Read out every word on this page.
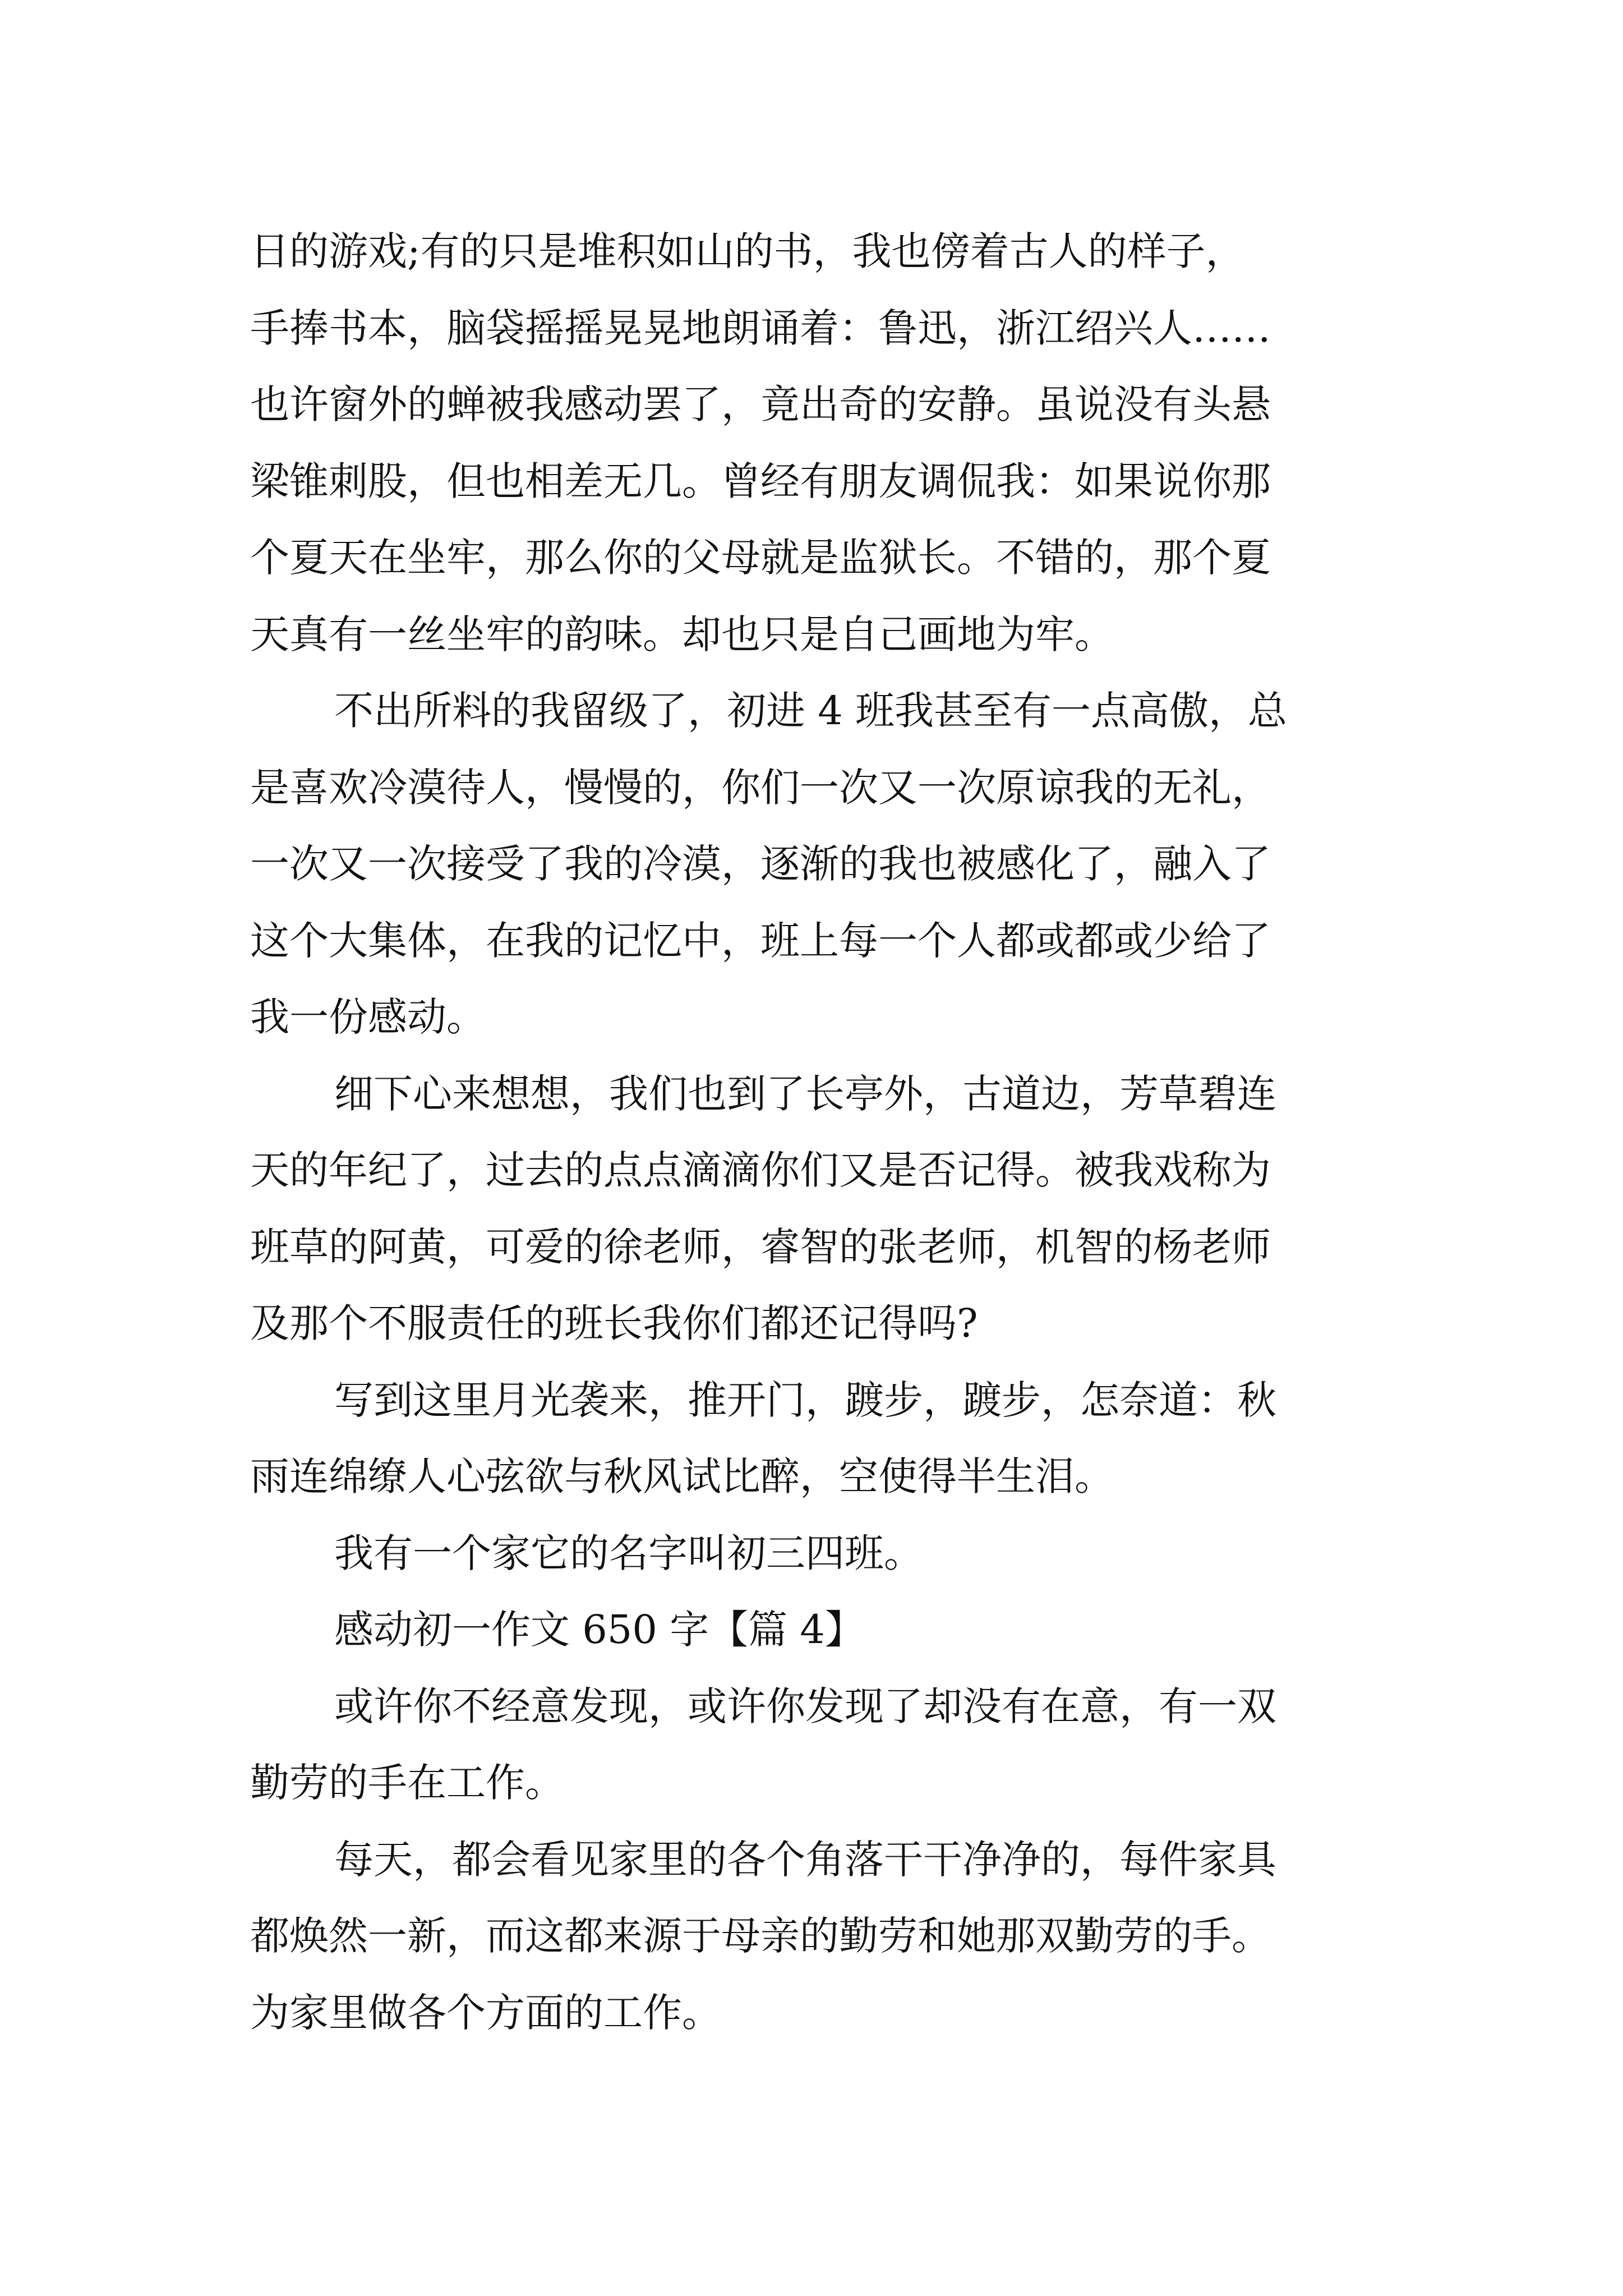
日的游戏;有的只是堆积如山的书，我也傍着古人的样子，
手捧书本，脑袋摇摇晃晃地朗诵着：鲁迅，浙江绍兴人……
也许窗外的蝉被我感动罢了，竟出奇的安静。虽说没有头悬
梁锥刺股，但也相差无几。曾经有朋友调侃我：如果说你那
个夏天在坐牢，那么你的父母就是监狱长。不错的，那个夏
天真有一丝坐牢的韵味。却也只是自己画地为牢。
不出所料的我留级了，初进 4 班我甚至有一点高傲，总
是喜欢冷漠待人，慢慢的，你们一次又一次原谅我的无礼，
一次又一次接受了我的冷漠，逐渐的我也被感化了，融入了
这个大集体，在我的记忆中，班上每一个人都或都或少给了
我一份感动。
细下心来想想，我们也到了长亭外，古道边，芳草碧连
天的年纪了，过去的点点滴滴你们又是否记得。被我戏称为
班草的阿黄，可爱的徐老师，睿智的张老师，机智的杨老师
及那个不服责任的班长我你们都还记得吗?
写到这里月光袭来，推开门，踱步，踱步，怎奈道：秋
雨连绵缭人心弦欲与秋风试比醉，空使得半生泪。
我有一个家它的名字叫初三四班。
感动初一作文 650 字【篇 4】
或许你不经意发现，或许你发现了却没有在意，有一双
勤劳的手在工作。
每天，都会看见家里的各个角落干干净净的，每件家具
都焕然一新，而这都来源于母亲的勤劳和她那双勤劳的手。
为家里做各个方面的工作。
